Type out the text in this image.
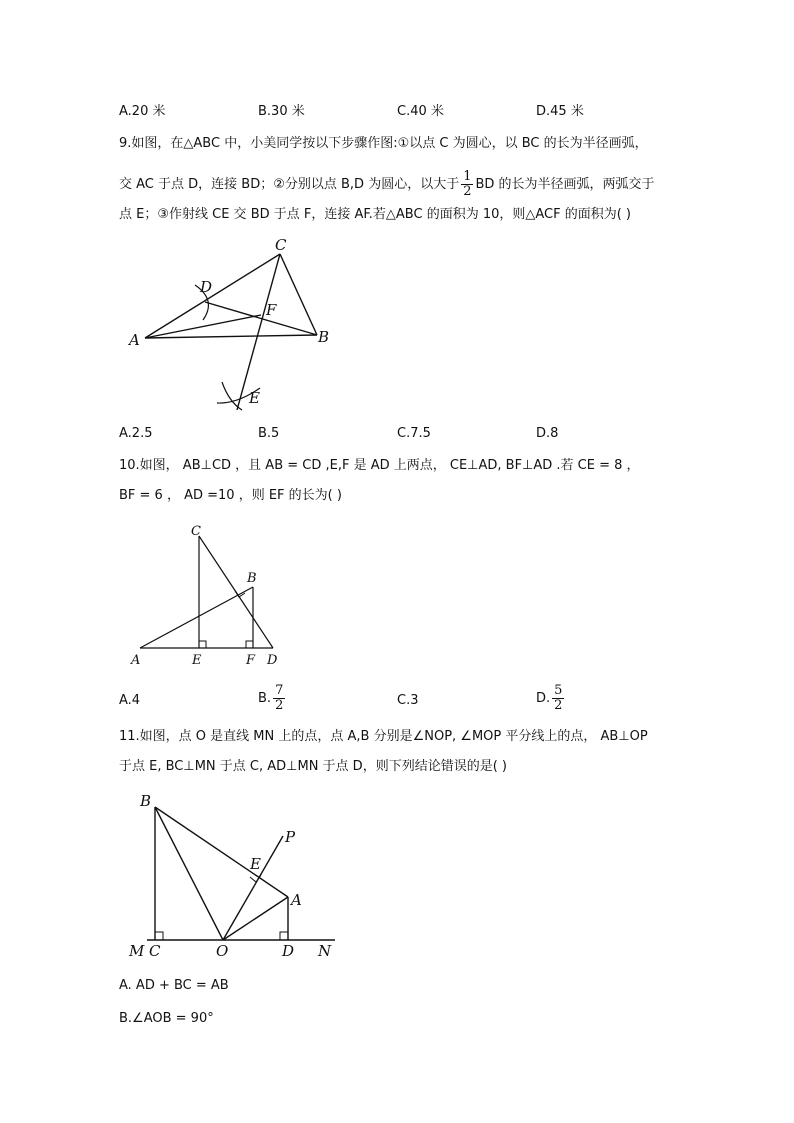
A.20 米	B.30 米	C.40 米	D.45 米
9.如图，在△ABC 中，小美同学按以下步骤作图:①以点 C 为圆心，以 BC 的长为半径画弧，
交 AC 于点 D，连接 BD；②分别以点 B,D 为圆心，以大于 $\frac{1}{2}$ BD 的长为半径画弧，两弧交于
点 E；③作射线 CE 交 BD 于点 F，连接 AF.若△ABC 的面积为 10，则△ACF 的面积为( )
A
C
D
F
B
E
A.2.5	B.5	C.7.5	D.8
10.如图， AB⊥CD ，且 AB = CD ,E,F 是 AD 上两点， CE⊥AD, BF⊥AD .若 CE = 8 ，
BF = 6 ， AD =10 ，则 EF 的长为( )
C
B
A	E	F D
A.4	B. $\frac{7}{2}$	C.3	D. $\frac{5}{2}$
11.如图，点 O 是直线 MN 上的点，点 A,B 分别是∠NOP, ∠MOP 平分线上的点， AB⊥OP
于点 E, BC⊥MN 于点 C, AD⊥MN 于点 D，则下列结论错误的是( )
B
P
E
A
M C	O	D N
A. AD + BC = AB
B.∠AOB = 90°
